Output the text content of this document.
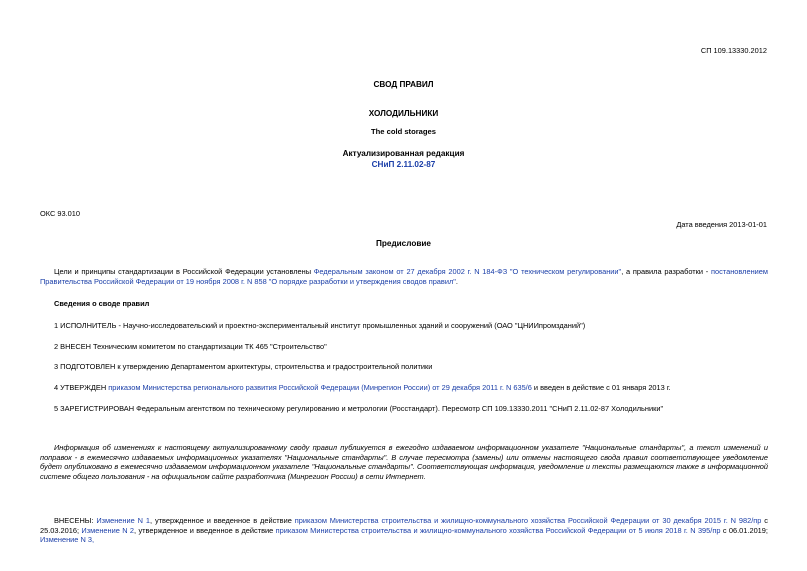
СП 109.13330.2012
СВОД ПРАВИЛ
ХОЛОДИЛЬНИКИ
The cold storages
Актуализированная редакция
СНиП 2.11.02-87
ОКС 93.010
Дата введения 2013-01-01
Предисловие
Цели и принципы стандартизации в Российской Федерации установлены Федеральным законом от 27 декабря 2002 г. N 184-ФЗ "О техническом регулировании", а правила разработки - постановлением Правительства Российской Федерации от 19 ноября 2008 г. N 858 "О порядке разработки и утверждения сводов правил".
Сведения о своде правил
1 ИСПОЛНИТЕЛЬ - Научно-исследовательский и проектно-экспериментальный институт промышленных зданий и сооружений (ОАО "ЦНИИпромзданий")
2 ВНЕСЕН Техническим комитетом по стандартизации ТК 465 "Строительство"
3 ПОДГОТОВЛЕН к утверждению Департаментом архитектуры, строительства и градостроительной политики
4 УТВЕРЖДЕН приказом Министерства регионального развития Российской Федерации (Минрегион России) от 29 декабря 2011 г. N 635/6 и введен в действие с 01 января 2013 г.
5 ЗАРЕГИСТРИРОВАН Федеральным агентством по техническому регулированию и метрологии (Росстандарт). Пересмотр СП 109.13330.2011 "СНиП 2.11.02-87 Холодильники"
Информация об изменениях к настоящему актуализированному своду правил публикуется в ежегодно издаваемом информационном указателе "Национальные стандарты", а текст изменений и поправок - в ежемесячно издаваемых информационных указателях "Национальные стандарты". В случае пересмотра (замены) или отмены настоящего свода правил соответствующее уведомление будет опубликовано в ежемесячно издаваемом информационном указателе "Национальные стандарты". Соответствующая информация, уведомление и тексты размещаются также в информационной системе общего пользования - на официальном сайте разработчика (Минрегион России) в сети Интернет.
ВНЕСЕНЫ: Изменение N 1, утвержденное и введенное в действие приказом Министерства строительства и жилищно-коммунального хозяйства Российской Федерации от 30 декабря 2015 г. N 982/пр с 25.03.2016; Изменение N 2, утвержденное и введенное в действие приказом Министерства строительства и жилищно-коммунального хозяйства Российской Федерации от 5 июля 2018 г. N 395/пр с 06.01.2019; Изменение N 3,
